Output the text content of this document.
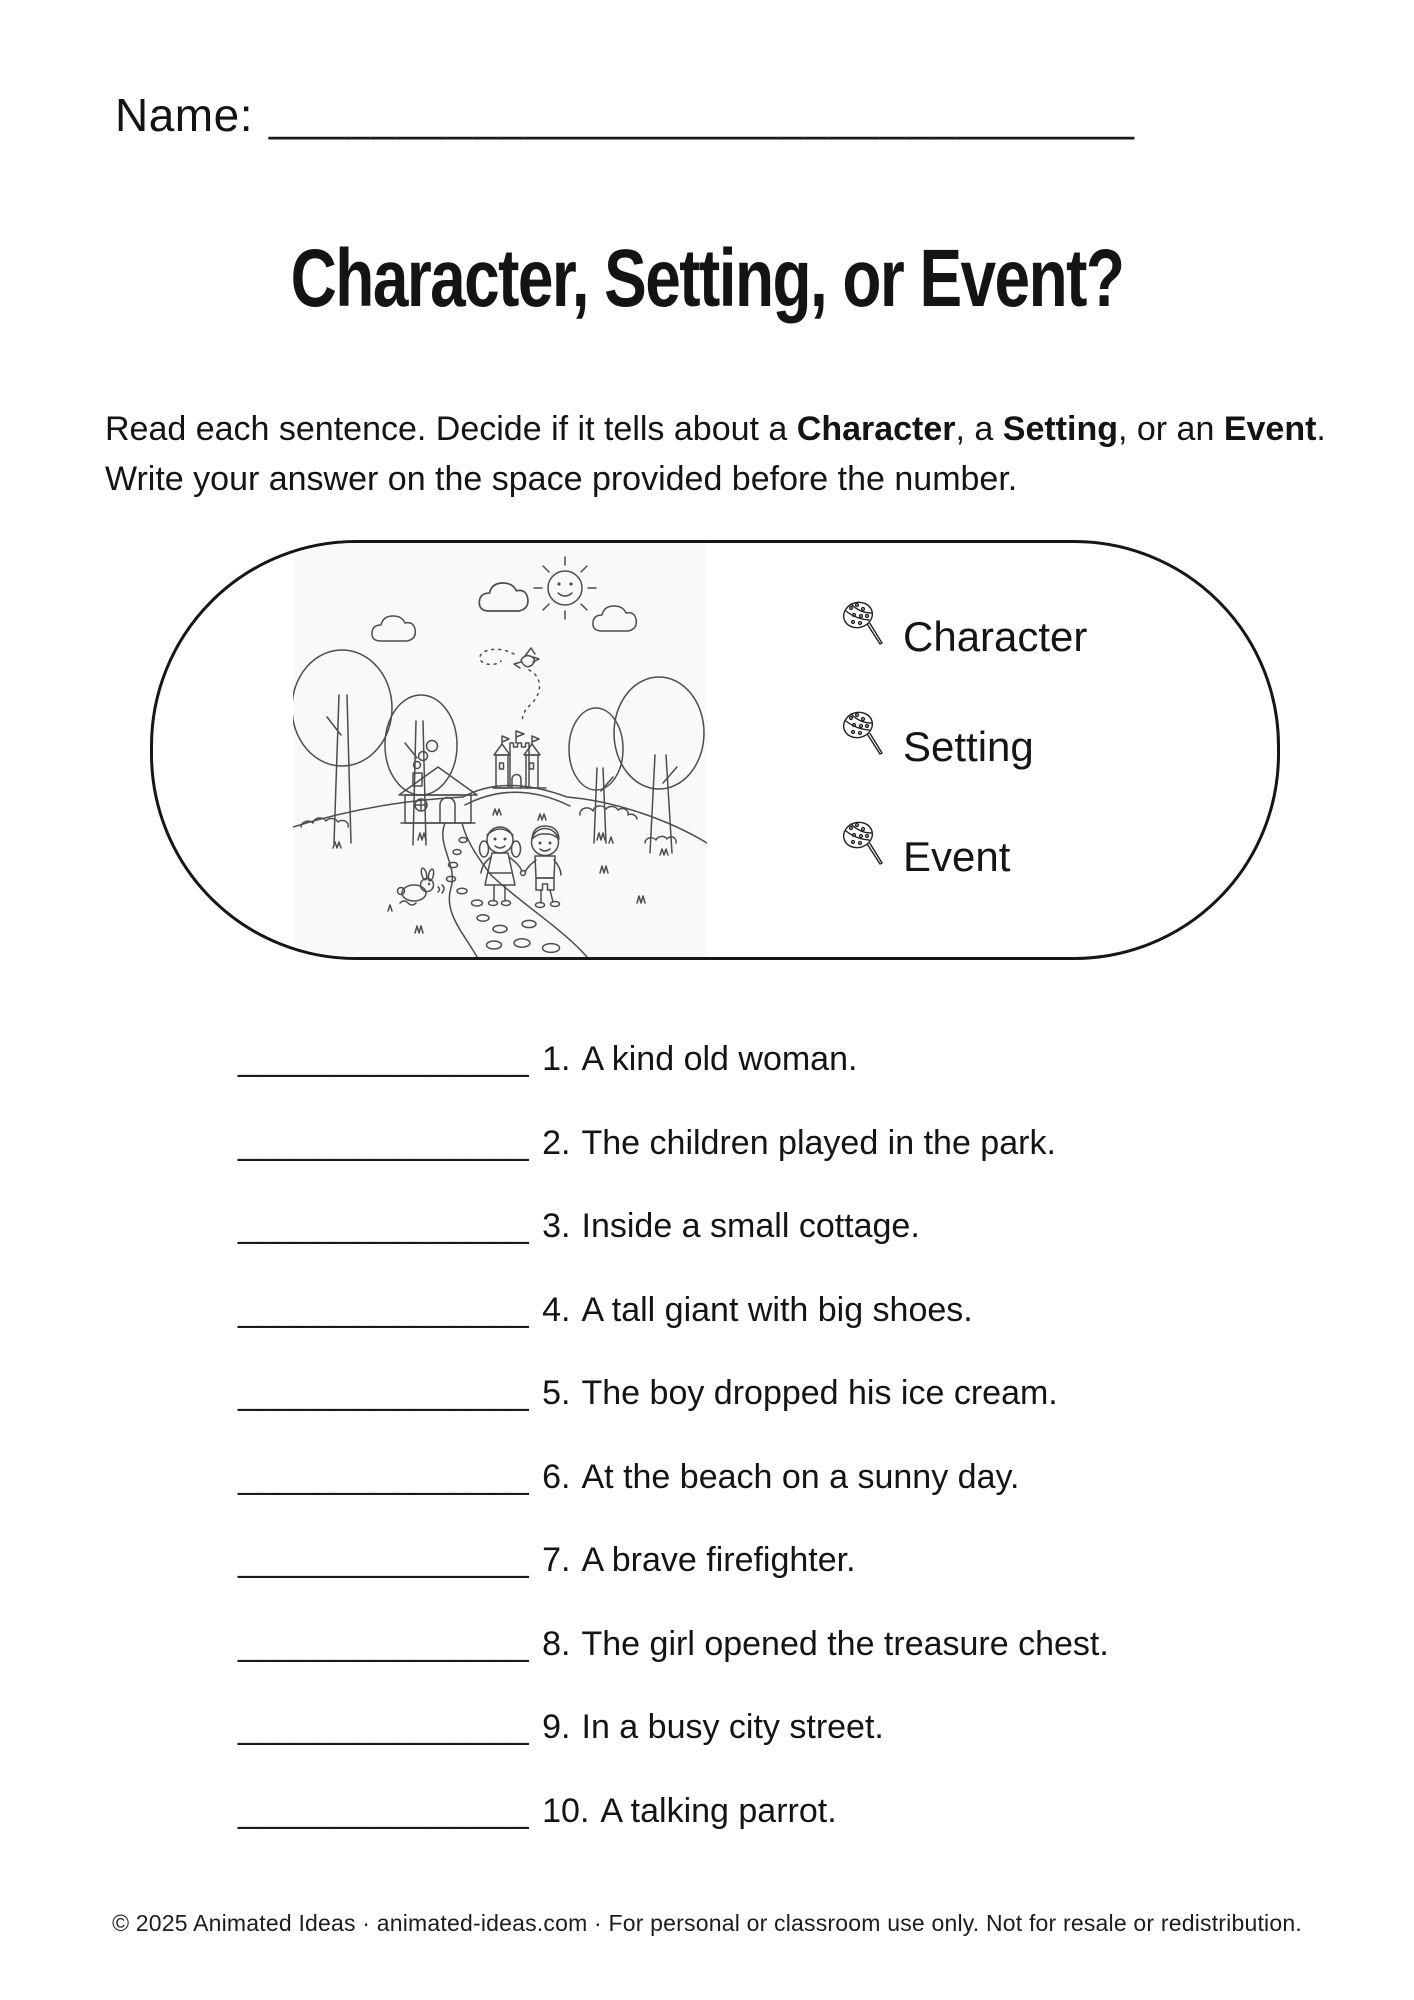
Name: __________________________________
Character, Setting, or Event?

Read each sentence. Decide if it tells about a Character, a Setting, or an Event. Write your answer on the space provided before the number.

Character
Setting
Event
_______________ 1. A kind old woman.
_______________ 2. The children played in the park.
_______________ 3. Inside a small cottage.
_______________ 4. A tall giant with big shoes.
_______________ 5. The boy dropped his ice cream.
_______________ 6. At the beach on a sunny day.
_______________ 7. A brave firefighter.
_______________ 8. The girl opened the treasure chest.
_______________ 9. In a busy city street.
_______________ 10. A talking parrot.
© 2025 Animated Ideas · animated-ideas.com · For personal or classroom use only. Not for resale or redistribution.
